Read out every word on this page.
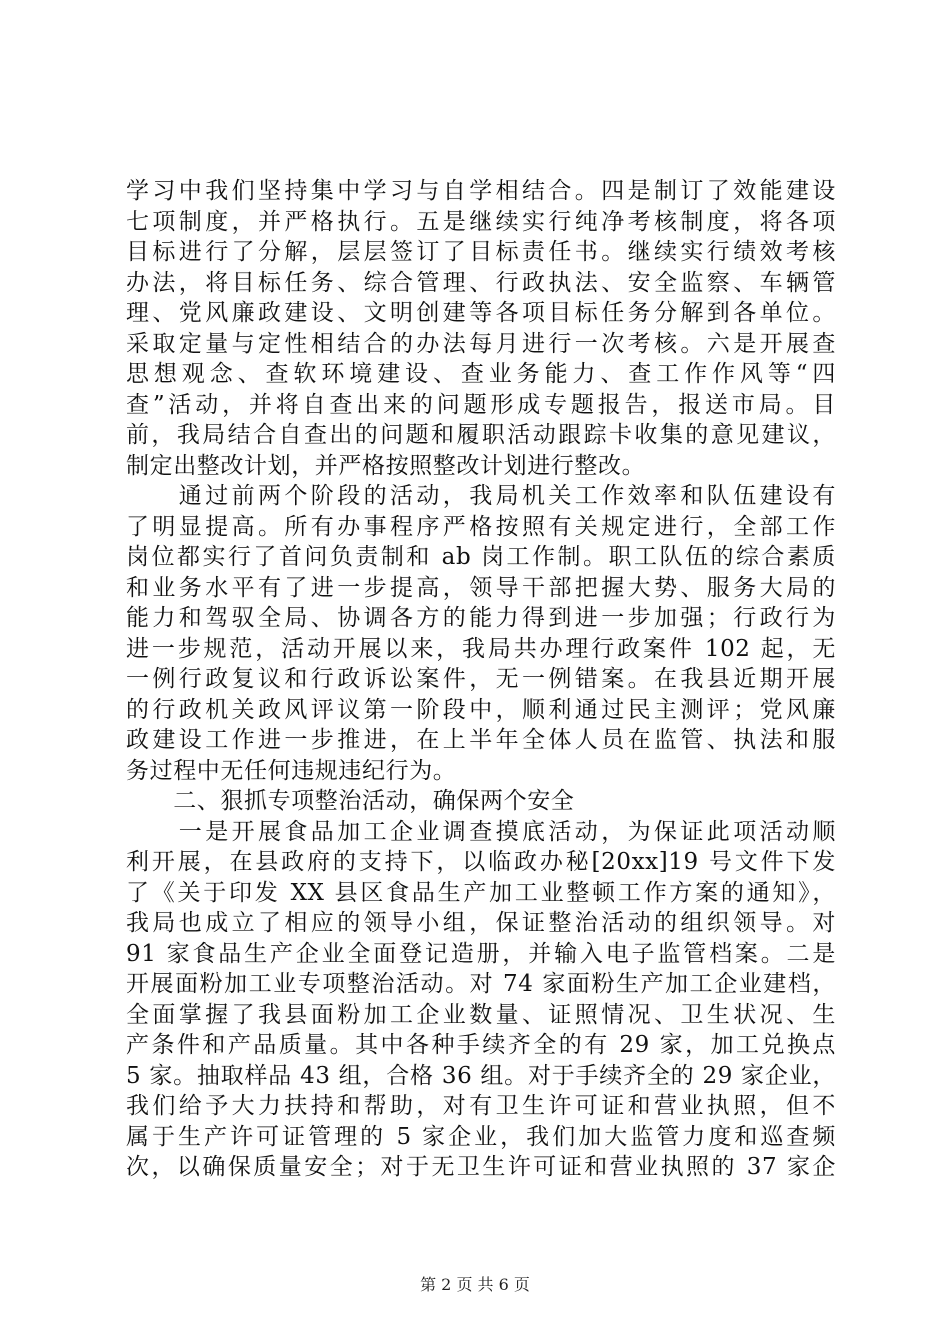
学习中我们坚持集中学习与自学相结合。四是制订了效能建设
七项制度，并严格执行。五是继续实行纯净考核制度，将各项
目标进行了分解，层层签订了目标责任书。继续实行绩效考核
办法，将目标任务、综合管理、行政执法、安全监察、车辆管
理、党风廉政建设、文明创建等各项目标任务分解到各单位。
采取定量与定性相结合的办法每月进行一次考核。六是开展查
思想观念、查软环境建设、查业务能力、查工作作风等“四
查”活动，并将自查出来的问题形成专题报告，报送市局。目
前，我局结合自查出的问题和履职活动跟踪卡收集的意见建议，
制定出整改计划，并严格按照整改计划进行整改。
　　通过前两个阶段的活动，我局机关工作效率和队伍建设有
了明显提高。所有办事程序严格按照有关规定进行，全部工作
岗位都实行了首问负责制和 ab 岗工作制。职工队伍的综合素质
和业务水平有了进一步提高，领导干部把握大势、服务大局的
能力和驾驭全局、协调各方的能力得到进一步加强；行政行为
进一步规范，活动开展以来，我局共办理行政案件 102 起，无
一例行政复议和行政诉讼案件，无一例错案。在我县近期开展
的行政机关政风评议第一阶段中，顺利通过民主测评；党风廉
政建设工作进一步推进，在上半年全体人员在监管、执法和服
务过程中无任何违规违纪行为。
　　二、狠抓专项整治活动，确保两个安全
　　一是开展食品加工企业调查摸底活动，为保证此项活动顺
利开展，在县政府的支持下，以临政办秘[20xx]19 号文件下发
了《关于印发 XX 县区食品生产加工业整顿工作方案的通知》，
我局也成立了相应的领导小组，保证整治活动的组织领导。对
91 家食品生产企业全面登记造册，并输入电子监管档案。二是
开展面粉加工业专项整治活动。对 74 家面粉生产加工企业建档，
全面掌握了我县面粉加工企业数量、证照情况、卫生状况、生
产条件和产品质量。其中各种手续齐全的有 29 家，加工兑换点
5 家。抽取样品 43 组，合格 36 组。对于手续齐全的 29 家企业，
我们给予大力扶持和帮助，对有卫生许可证和营业执照，但不
属于生产许可证管理的 5 家企业，我们加大监管力度和巡查频
次，以确保质量安全；对于无卫生许可证和营业执照的 37 家企
第 2 页 共 6 页
